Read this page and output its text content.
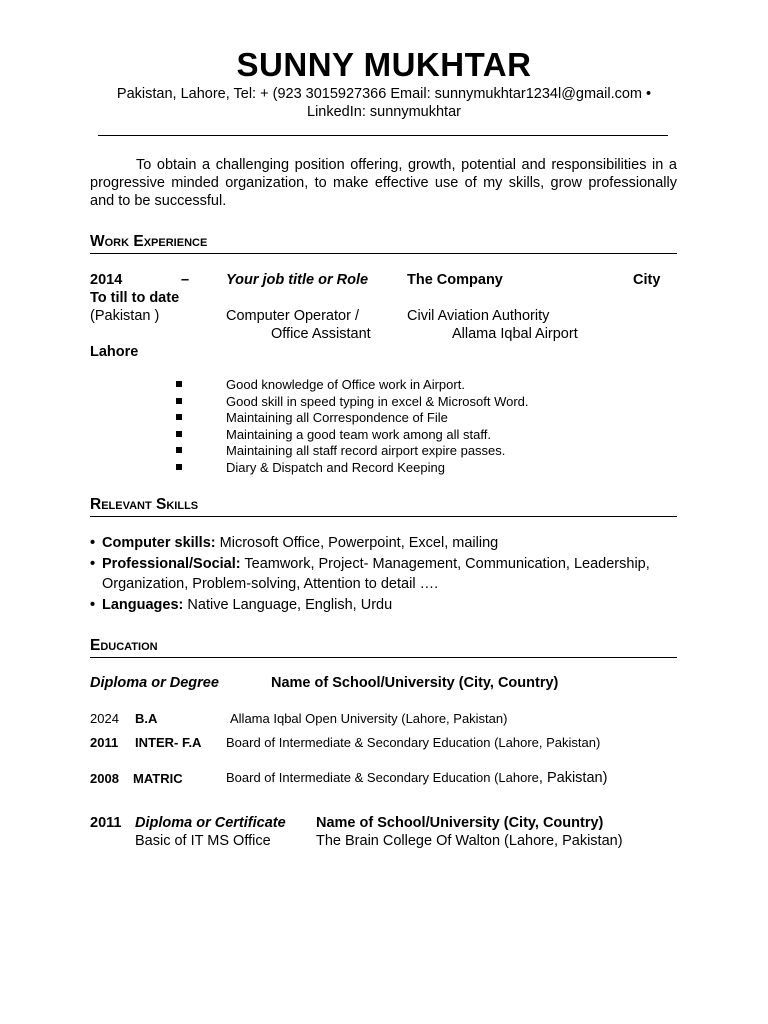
SUNNY MUKHTAR
Pakistan, Lahore, Tel: + (923 3015927366 Email: sunnymukhtar1234l@gmail.com •
LinkedIn: sunnymukhtar
To obtain a challenging position offering, growth, potential and responsibilities in a progressive minded organization, to make effective use of my skills, grow professionally and to be successful.
Work Experience
2014	–	Your job title or Role	The Company	City
To till to date
(Pakistan )	Computer Operator /	Civil Aviation Authority
Office Assistant	Allama Iqbal Airport
Lahore
Good knowledge of Office work in Airport.
Good skill in speed typing in excel & Microsoft Word.
Maintaining all Correspondence of File
Maintaining a good team work among all staff.
Maintaining all staff record airport expire passes.
Diary & Dispatch and Record Keeping
Relevant Skills
• Computer skills: Microsoft Office, Powerpoint, Excel, mailing
• Professional/Social: Teamwork, Project- Management, Communication, Leadership, Organization, Problem-solving, Attention to detail ….
• Languages: Native Language, English, Urdu
Education
Diploma or Degree	Name of School/University (City, Country)
2024 B.A	Allama Iqbal Open University (Lahore, Pakistan)
2011 INTER- F.A Board of Intermediate & Secondary Education (Lahore, Pakistan)
2008 MATRIC	Board of Intermediate & Secondary Education (Lahore, Pakistan)
2011 Diploma or Certificate Name of School/University (City, Country)
Basic of IT MS Office	The Brain College Of Walton (Lahore, Pakistan)
